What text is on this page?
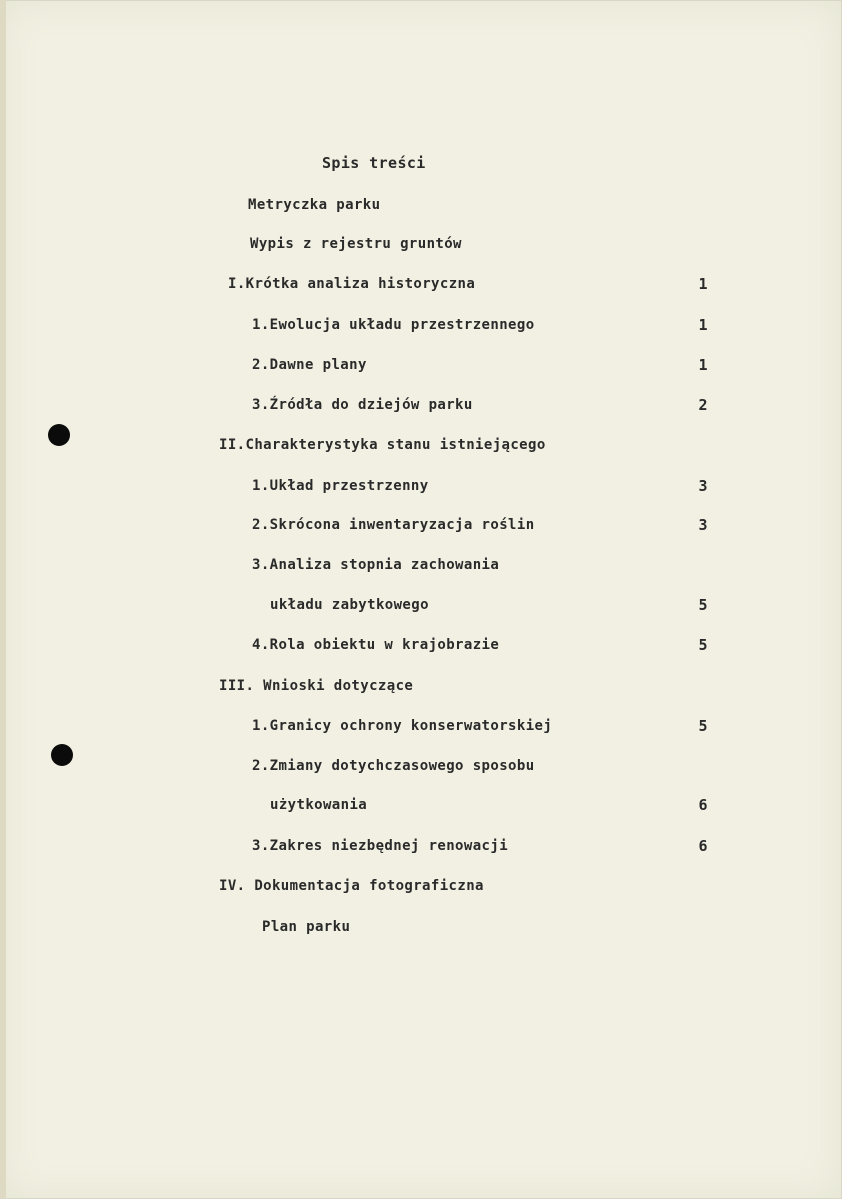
Spis treści
Metryczka parku
Wypis z rejestru gruntów
I.Krótka analiza historyczna	1
1.Ewolucja układu przestrzennego	1
2.Dawne plany	1
3.Źródła do dziejów parku	2
II.Charakterystyka stanu istniejącego
1.Układ przestrzenny	3
2.Skrócona inwentaryzacja roślin	3
3.Analiza stopnia zachowania
układu zabytkowego	5
4.Rola obiektu w krajobrazie	5
III. Wnioski dotyczące
1.Granicy ochrony konserwatorskiej	5
2.Zmiany dotychczasowego sposobu
użytkowania	6
3.Zakres niezbędnej renowacji	6
IV. Dokumentacja fotograficzna
Plan parku
